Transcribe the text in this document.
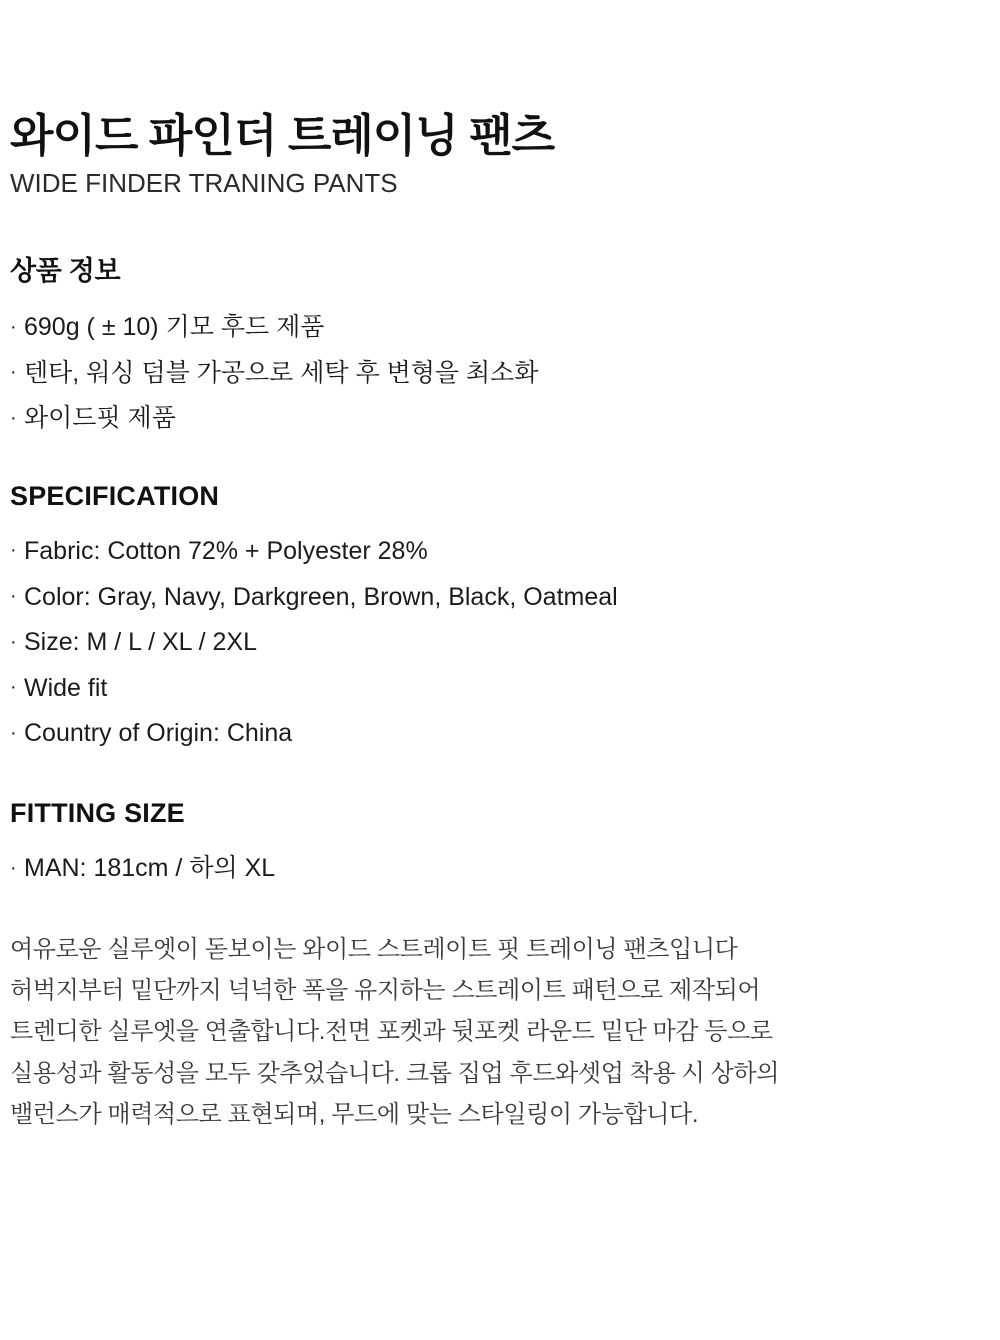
와이드 파인더 트레이닝 팬츠
WIDE FINDER TRANING PANTS
상품 정보
· 690g ( ± 10) 기모 후드 제품
· 텐타, 워싱 덤블 가공으로 세탁 후 변형을 최소화
· 와이드핏 제품
SPECIFICATION
· Fabric: Cotton 72% + Polyester 28%
· Color: Gray, Navy, Darkgreen, Brown, Black, Oatmeal
· Size: M / L / XL / 2XL
· Wide fit
· Country of Origin: China
FITTING SIZE
· MAN: 181cm / 하의 XL

여유로운 실루엣이 돋보이는 와이드 스트레이트 핏 트레이닝 팬츠입니다

허벅지부터 밑단까지 넉넉한 폭을 유지하는 스트레이트 패턴으로 제작되어

트렌디한 실루엣을 연출합니다.전면 포켓과 뒷포켓 라운드 밑단 마감 등으로

실용성과 활동성을 모두 갖추었습니다. 크롭 집업 후드와셋업 착용 시 상하의

밸런스가 매력적으로 표현되며, 무드에 맞는 스타일링이 가능합니다.
